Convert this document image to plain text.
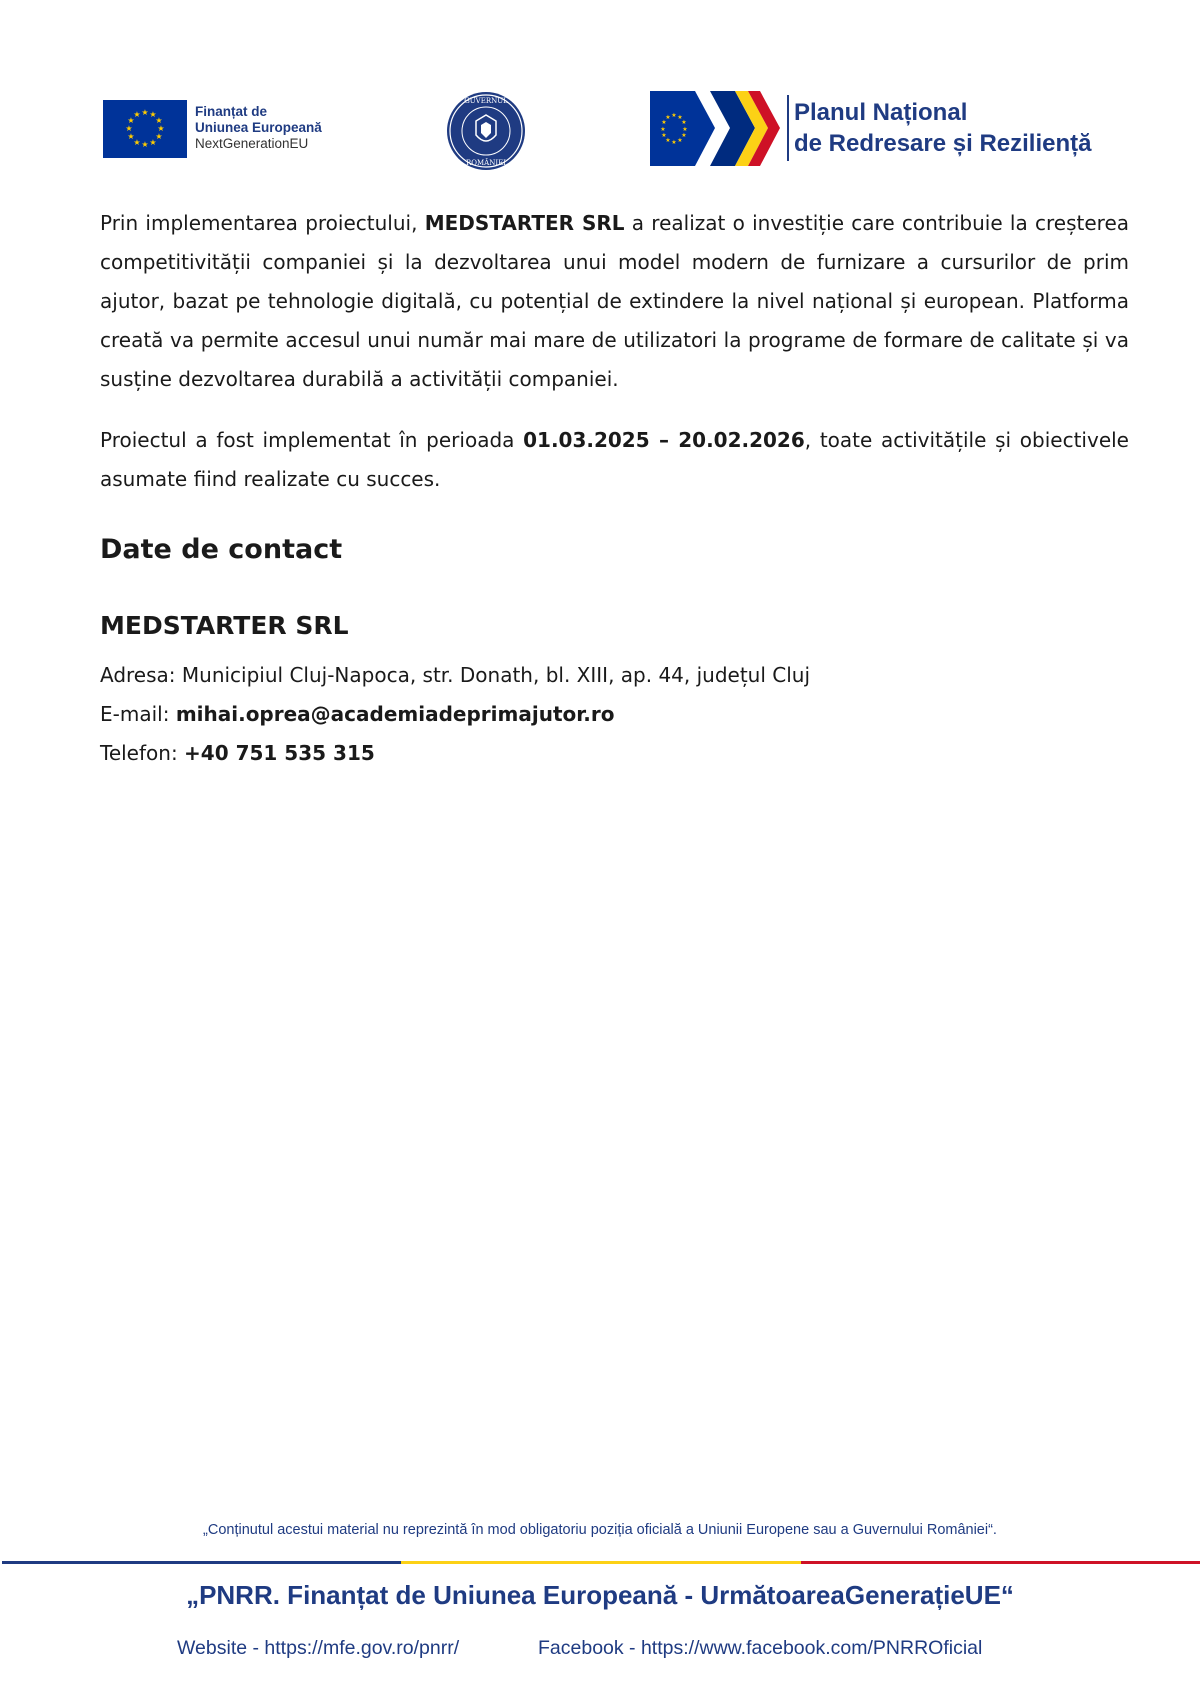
★ ★
★
★
★
★
★
★
★
★
★
★	Finanțat de
Uniunea Europeană
NextGenerationEU
GUVERNUL
ROMÂNIEI
★ ★
★
★
★
★
★
★
★
★
★
★	Planul Național
de Redresare și Reziliență

Prin implementarea proiectului, MEDSTARTER SRL a realizat o investiție care contribuie la creșterea competitivității companiei și la dezvoltarea unui model modern de furnizare a cursurilor de prim ajutor, bazat pe tehnologie digitală, cu potențial de extindere la nivel național și european. Platforma creată va permite accesul unui număr mai mare de utilizatori la programe de formare de calitate și va susține dezvoltarea durabilă a activității companiei.

Proiectul a fost implementat în perioada 01.03.2025 – 20.02.2026, toate activitățile și obiectivele asumate fiind realizate cu succes.

Date de contact
MEDSTARTER SRL
Adresa: Municipiul Cluj-Napoca, str. Donath, bl. XIII, ap. 44, județul Cluj
E-mail: mihai.oprea@academiadeprimajutor.ro
Telefon: +40 751 535 315
„Conținutul acestui material nu reprezintă în mod obligatoriu poziția oficială a Uniunii Europene sau a Guvernului României“.
„PNRR. Finanțat de Uniunea Europeană - UrmătoareaGenerațieUE“
Website - https://mfe.gov.ro/pnrr/	Facebook - https://www.facebook.com/PNRROficial
